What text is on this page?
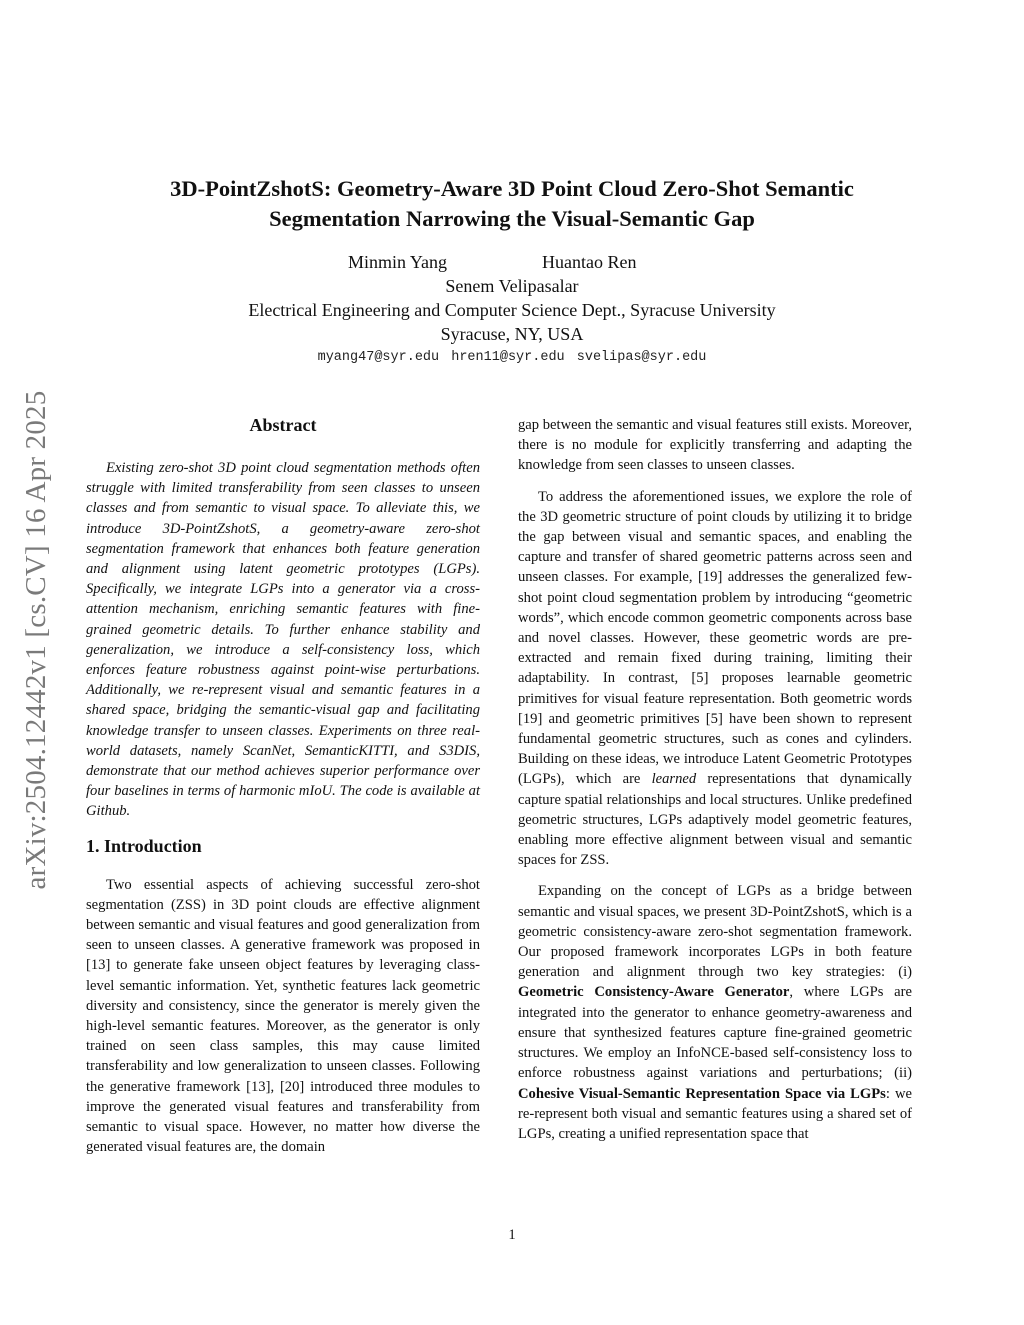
arXiv:2504.12442v1 [cs.CV] 16 Apr 2025
3D-PointZshotS: Geometry-Aware 3D Point Cloud Zero-Shot Semantic
Segmentation Narrowing the Visual-Semantic Gap
Minmin Yang	Huantao Ren
Senem Velipasalar
Electrical Engineering and Computer Science Dept., Syracuse University
Syracuse, NY, USA
myang47@syr.edu hren11@syr.edu svelipas@syr.edu
Abstract

Existing zero-shot 3D point cloud segmentation methods often struggle with limited transferability from seen classes to unseen classes and from semantic to visual space. To alleviate this, we introduce 3D-PointZshotS, a geometry-aware zero-shot segmentation framework that enhances both feature generation and alignment using latent geometric prototypes (LGPs). Specifically, we integrate LGPs into a generator via a cross-attention mechanism, enriching semantic features with fine-grained geometric details. To further enhance stability and generalization, we introduce a self-consistency loss, which enforces feature robustness against point-wise perturbations. Additionally, we re-represent visual and semantic features in a shared space, bridging the semantic-visual gap and facilitating knowledge transfer to unseen classes. Experiments on three real-world datasets, namely ScanNet, SemanticKITTI, and S3DIS, demonstrate that our method achieves superior performance over four baselines in terms of harmonic mIoU. The code is available at Github.

1. Introduction

Two essential aspects of achieving successful zero-shot segmentation (ZSS) in 3D point clouds are effective alignment between semantic and visual features and good generalization from seen to unseen classes. A generative framework was proposed in [13] to generate fake unseen object features by leveraging class-level semantic information. Yet, synthetic features lack geometric diversity and consistency, since the generator is merely given the high-level semantic features. Moreover, as the generator is only trained on seen class samples, this may cause limited transferability and low generalization to unseen classes. Following the generative framework [13], [20] introduced three modules to improve the generated visual features and transferability from semantic to visual space. However, no matter how diverse the generated visual features are, the domain

gap between the semantic and visual features still exists. Moreover, there is no module for explicitly transferring and adapting the knowledge from seen classes to unseen classes.

To address the aforementioned issues, we explore the role of the 3D geometric structure of point clouds by utilizing it to bridge the gap between visual and semantic spaces, and enabling the capture and transfer of shared geometric patterns across seen and unseen classes. For example, [19] addresses the generalized few-shot point cloud segmentation problem by introducing “geometric words”, which encode common geometric components across base and novel classes. However, these geometric words are pre-extracted and remain fixed during training, limiting their adaptability. In contrast, [5] proposes learnable geometric primitives for visual feature representation. Both geometric words [19] and geometric primitives [5] have been shown to represent fundamental geometric structures, such as cones and cylinders. Building on these ideas, we introduce Latent Geometric Prototypes (LGPs), which are learned representations that dynamically capture spatial relationships and local structures. Unlike predefined geometric structures, LGPs adaptively model geometric features, enabling more effective alignment between visual and semantic spaces for ZSS.

Expanding on the concept of LGPs as a bridge between semantic and visual spaces, we present 3D-PointZshotS, which is a geometric consistency-aware zero-shot segmentation framework. Our proposed framework incorporates LGPs in both feature generation and alignment through two key strategies: (i) Geometric Consistency-Aware Generator, where LGPs are integrated into the generator to enhance geometry-awareness and ensure that synthesized features capture fine-grained geometric structures. We employ an InfoNCE-based self-consistency loss to enforce robustness against variations and perturbations; (ii) Cohesive Visual-Semantic Representation Space via LGPs: we re-represent both visual and semantic features using a shared set of LGPs, creating a unified representation space that

1
